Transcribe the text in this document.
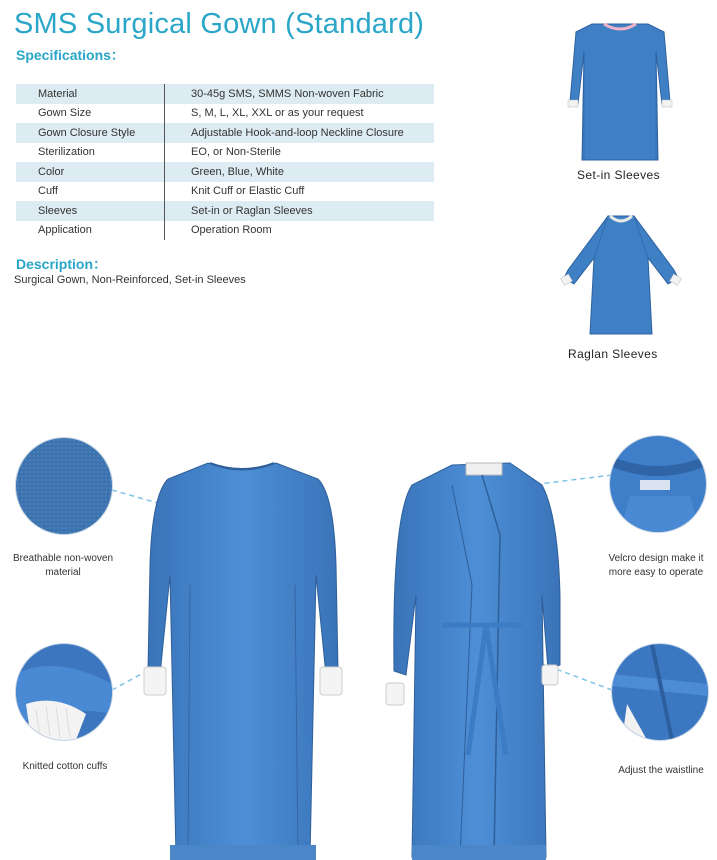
SMS Surgical Gown (Standard)
Specifications：
Material	30-45g SMS, SMMS Non-woven Fabric
Gown Size	S, M, L, XL, XXL or as your request
Gown Closure Style	Adjustable Hook-and-loop Neckline Closure
Sterilization	EO, or Non-Sterile
Color	Green, Blue, White
Cuff	Knit Cuff or Elastic Cuff
Sleeves	Set-in or Raglan Sleeves
Application	Operation Room
Description：
Surgical Gown, Non-Reinforced, Set-in Sleeves
Set-in Sleeves
Raglan Sleeves
Breathable non-woven material
Knitted cotton cuffs
Velcro design make it more easy to operate
Adjust the waistline
